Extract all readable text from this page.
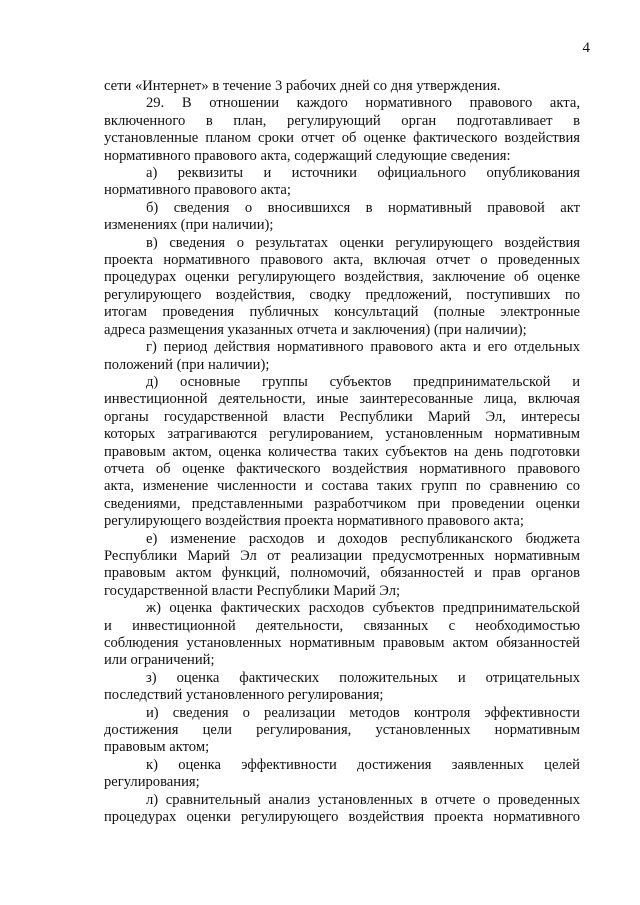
4
сети «Интернет» в течение 3 рабочих дней со дня утверждения.
29. В отношении каждого нормативного правового акта,
включенного в план, регулирующий орган подготавливает в
установленные планом сроки отчет об оценке фактического воздействия
нормативного правового акта, содержащий следующие сведения:
а) реквизиты и источники официального опубликования
нормативного правового акта;
б) сведения о вносившихся в нормативный правовой акт
изменениях (при наличии);
в) сведения о результатах оценки регулирующего воздействия
проекта нормативного правового акта, включая отчет о проведенных
процедурах оценки регулирующего воздействия, заключение об оценке
регулирующего воздействия, сводку предложений, поступивших по
итогам проведения публичных консультаций (полные электронные
адреса размещения указанных отчета и заключения) (при наличии);
г) период действия нормативного правового акта и его отдельных
положений (при наличии);
д) основные группы субъектов предпринимательской и
инвестиционной деятельности, иные заинтересованные лица, включая
органы государственной власти Республики Марий Эл, интересы
которых затрагиваются регулированием, установленным нормативным
правовым актом, оценка количества таких субъектов на день подготовки
отчета об оценке фактического воздействия нормативного правового
акта, изменение численности и состава таких групп по сравнению со
сведениями, представленными разработчиком при проведении оценки
регулирующего воздействия проекта нормативного правового акта;
е) изменение расходов и доходов республиканского бюджета
Республики Марий Эл от реализации предусмотренных нормативным
правовым актом функций, полномочий, обязанностей и прав органов
государственной власти Республики Марий Эл;
ж) оценка фактических расходов субъектов предпринимательской
и инвестиционной деятельности, связанных с необходимостью
соблюдения установленных нормативным правовым актом обязанностей
или ограничений;
з) оценка фактических положительных и отрицательных
последствий установленного регулирования;
и) сведения о реализации методов контроля эффективности
достижения цели регулирования, установленных нормативным
правовым актом;
к) оценка эффективности достижения заявленных целей
регулирования;
л) сравнительный анализ установленных в отчете о проведенных
процедурах оценки регулирующего воздействия проекта нормативного
